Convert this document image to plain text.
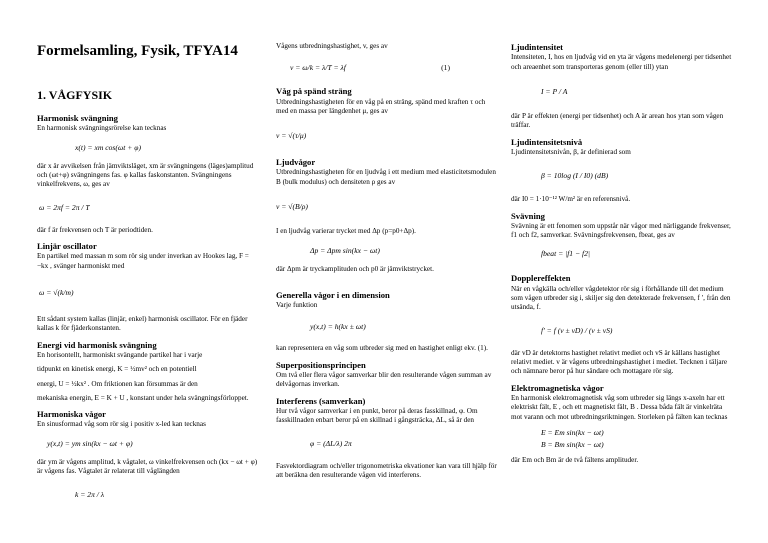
Formelsamling, Fysik, TFYA14
1. VÅGFYSIK
Harmonisk svängning

En harmonisk svängningsrörelse kan tecknas

x(t) = xm cos(ωt + φ)

där x är avvikelsen från jämviktsläget, xm är svängningens (läges)amplitud och (ωt+φ) svängningens fas. φ kallas faskonstanten. Svängningens vinkelfrekvens, ω, ges av

ω = 2πf = 2π / T

där f är frekvensen och T är periodtiden.

Linjär oscillator

En partikel med massan m som rör sig under inverkan av Hookes lag, F = −kx , svänger harmoniskt med

ω = √(k/m)

Ett sådant system kallas (linjär, enkel) harmonisk oscillator. För en fjäder kallas k för fjäderkonstanten.

Energi vid harmonisk svängning

En horisontellt, harmoniskt svängande partikel har i varje

tidpunkt en kinetisk energi, K = ½mv² och en potentiell

energi, U = ½kx² . Om friktionen kan försummas är den

mekaniska energin, E = K + U , konstant under hela svängningsförloppet.

Harmoniska vågor

En sinusformad våg som rör sig i positiv x-led kan tecknas

y(x,t) = ym sin(kx − ωt + φ)

där ym är vågens amplitud, k vågtalet, ω vinkelfrekvensen och (kx − ωt + φ) är vågens fas. Vågtalet är relaterat till våglängden

k = 2π / λ

Vågens utbredningshastighet, v, ges av

v = ω/k = λ/T = λf	(1)
Våg på spänd sträng

Utbredningshastigheten för en våg på en sträng, spänd med kraften τ och med en massa per längdenhet μ, ges av

v = √(τ/μ)
Ljudvågor

Utbredningshastigheten för en ljudvåg i ett medium med elasticitetsmodulen B (bulk modulus) och densiteten ρ ges av

v = √(B/ρ)

I en ljudvåg varierar trycket med Δp (p=p0+Δp).

Δp = Δpm sin(kx − ωt)

där Δpm är tryckamplituden och p0 är jämviktstrycket.

Generella vågor i en dimension

Varje funktion

y(x,t) = h(kx ± ωt)

kan representera en våg som utbreder sig med en hastighet enligt ekv. (1).

Superpositionsprincipen

Om två eller flera vågor samverkar blir den resulterande vågen summan av delvågornas inverkan.

Interferens (samverkan)

Hur två vågor samverkar i en punkt, beror på deras fasskillnad, φ. Om fasskillnaden enbart beror på en skillnad i gångsträcka, ΔL, så är den

φ = (ΔL/λ) 2π

Fasvektordiagram och/eller trigonometriska ekvationer kan vara till hjälp för att beräkna den resulterande vågen vid interferens.

Ljudintensitet

Intensiteten, I, hos en ljudvåg vid en yta är vågens medelenergi per tidsenhet och areaenhet som transporteras genom (eller till) ytan

I = P / A

där P är effekten (energi per tidsenhet) och A är arean hos ytan som vågen träffar.

Ljudintensitetsnivå

Ljudintensitetsnivån, β, är definierad som

β = 10log (I / I0) (dB)

där I0 = 1·10⁻¹² W/m² är en referensnivå.

Svävning

Svävning är ett fenomen som uppstår när vågor med närliggande frekvenser, f1 och f2, samverkar. Svävningsfrekvensen, fbeat, ges av

fbeat = |f1 − f2|
Dopplereffekten

När en vågkälla och/eller vågdetektor rör sig i förhållande till det medium som vågen utbreder sig i, skiljer sig den detekterade frekvensen, f ′, från den utsända, f.

f′ = f (v ± vD) / (v ± vS)

där vD är detektorns hastighet relativt mediet och vS är källans hastighet relativt mediet. v är vågens utbredningshastighet i mediet. Tecknen i täljare och nämnare beror på hur sändare och mottagare rör sig.

Elektromagnetiska vågor

En harmonisk elektromagnetisk våg som utbreder sig längs x-axeln har ett elektriskt fält, E , och ett magnetiskt fält, B . Dessa båda fält är vinkelräta mot varann och mot utbredningsriktningen. Storleken på fälten kan tecknas

E = Em sin(kx − ωt)
B = Bm sin(kx − ωt)

där Em och Bm är de två fältens amplituder.
